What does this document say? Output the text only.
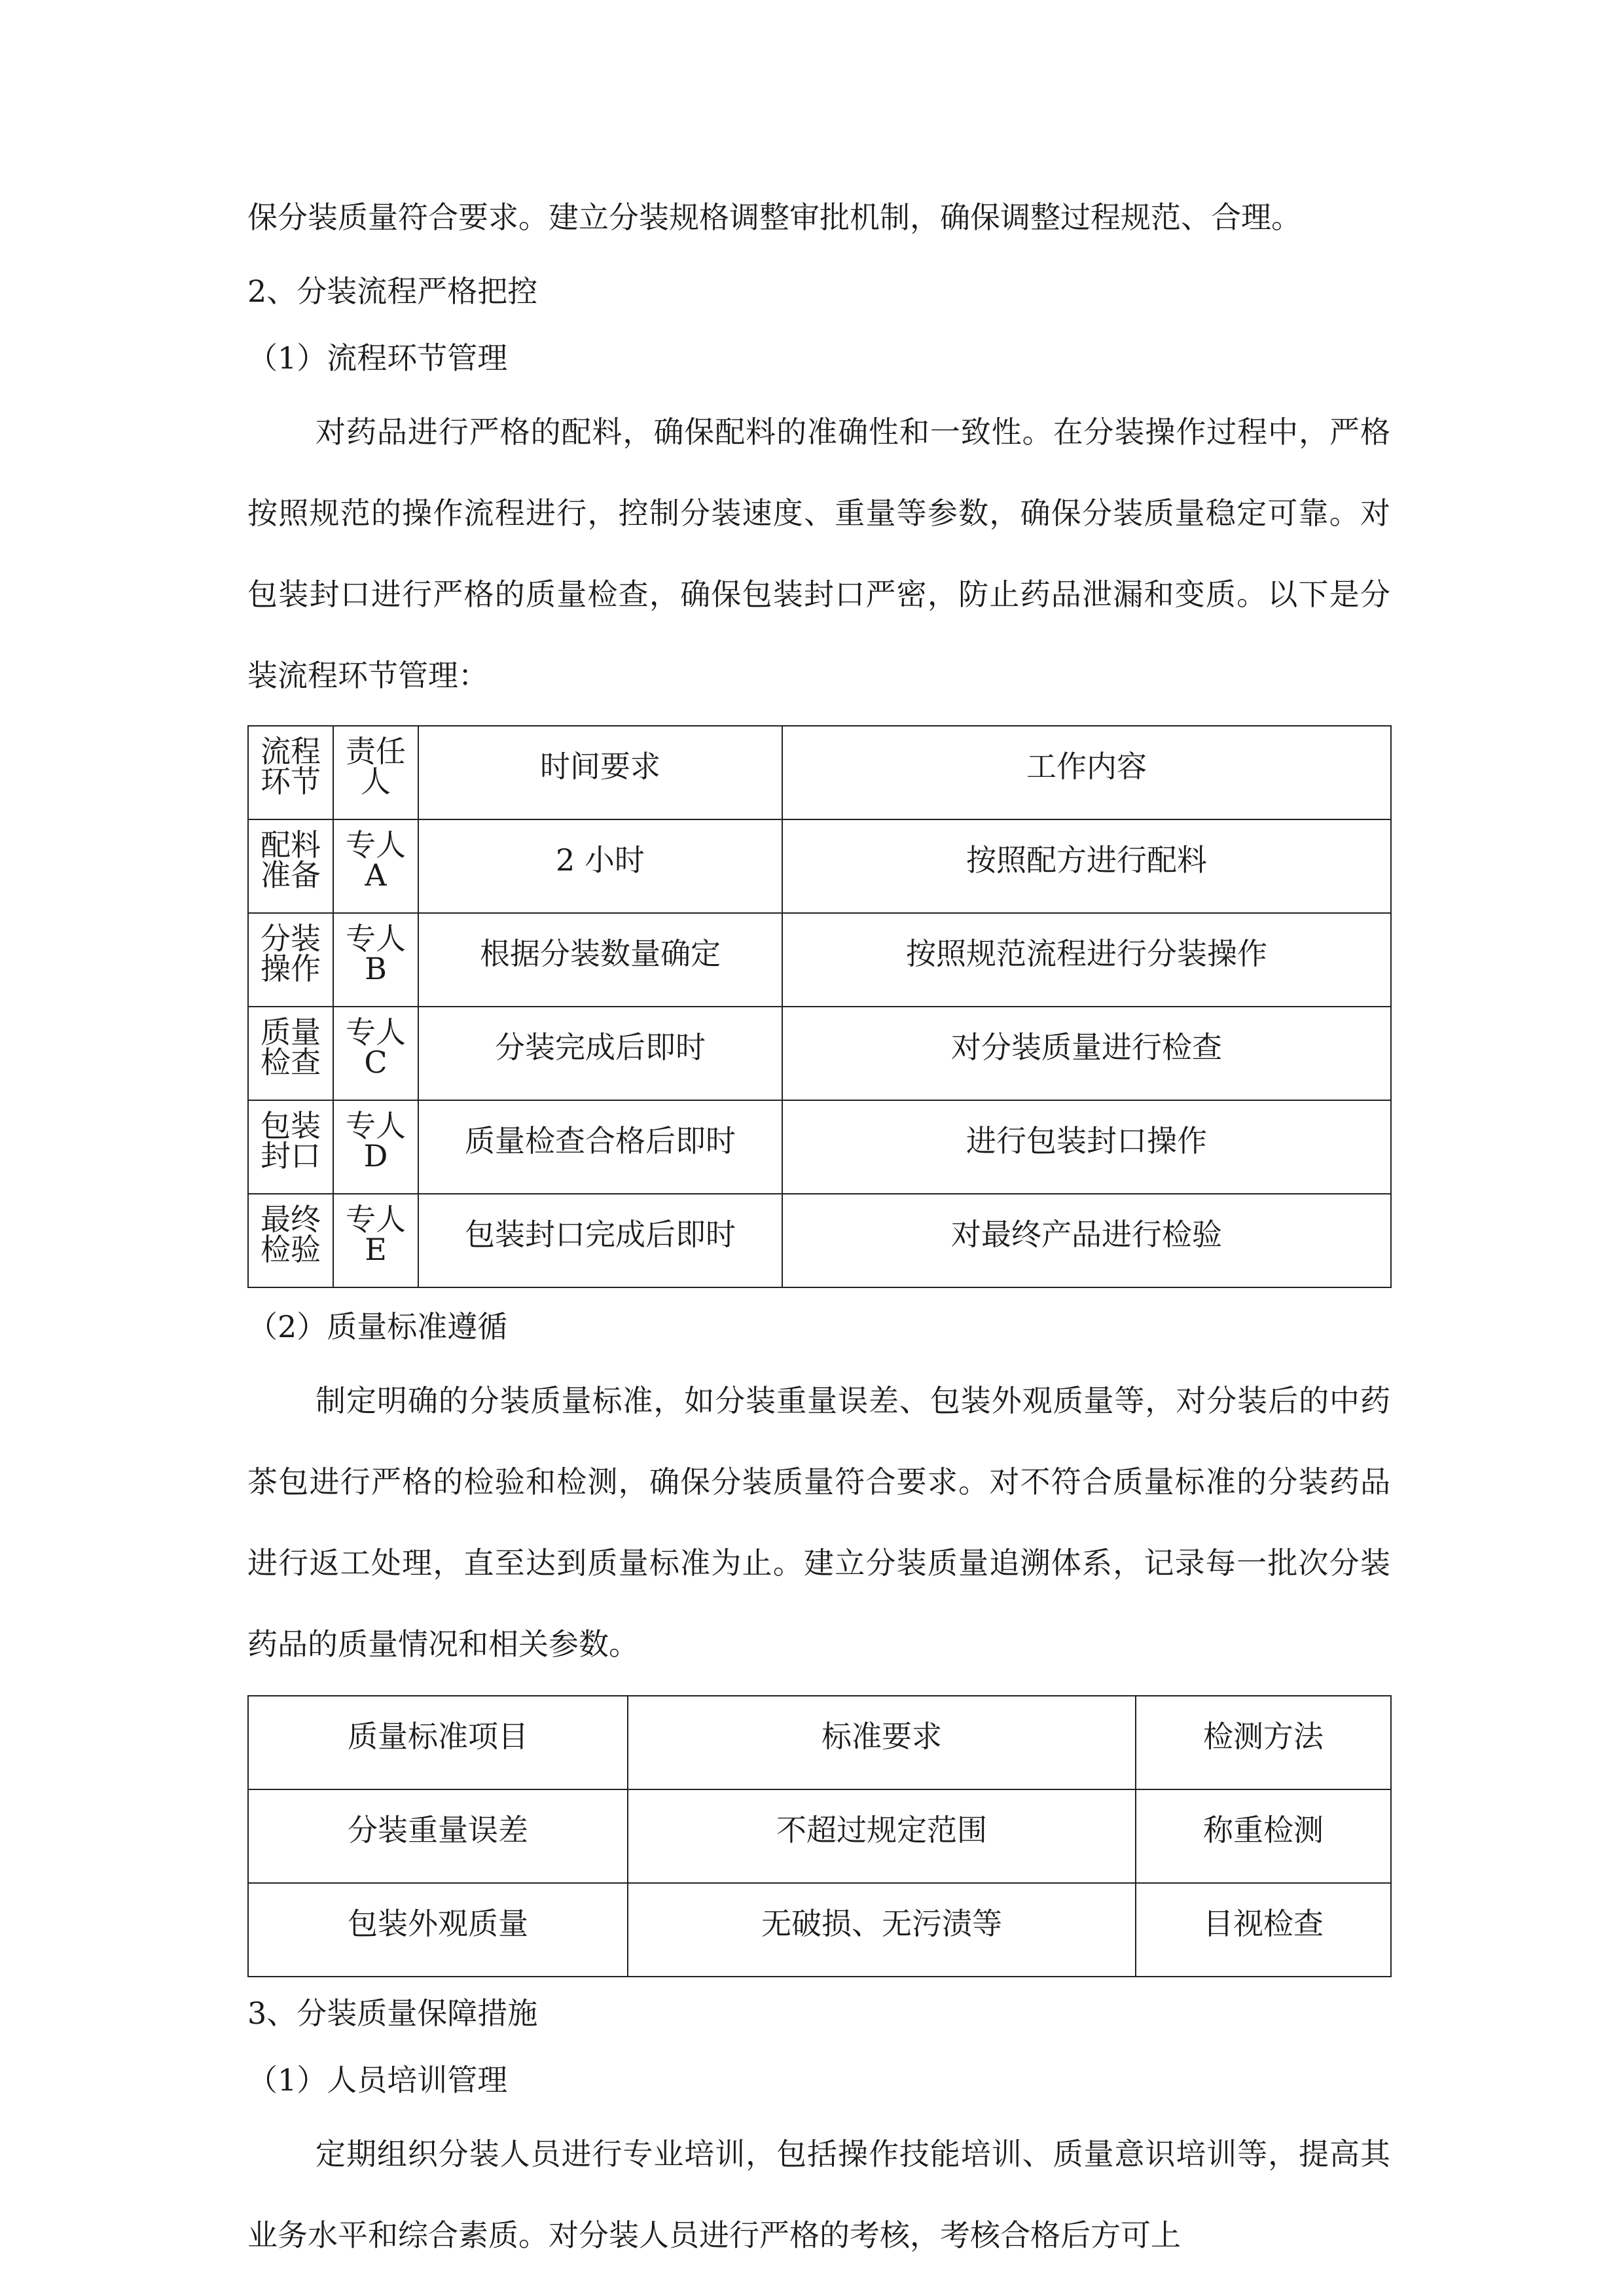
保分装质量符合要求。建立分装规格调整审批机制，确保调整过程规范、合理。

2、分装流程严格把控

（1）流程环节管理

对药品进行严格的配料，确保配料的准确性和一致性。在分装操作过程中，严格按照规范的操作流程进行，控制分装速度、重量等参数，确保分装质量稳定可靠。对包装封口进行严格的质量检查，确保包装封口严密，防止药品泄漏和变质。以下是分装流程环节管理：

流程环节	责任人	时间要求	工作内容
配料准备	专人 A	2 小时	按照配方进行配料
分装操作	专人 B	根据分装数量确定	按照规范流程进行分装操作
质量检查	专人 C	分装完成后即时	对分装质量进行检查
包装封口	专人 D	质量检查合格后即时	进行包装封口操作
最终检验	专人 E	包装封口完成后即时	对最终产品进行检验

（2）质量标准遵循

制定明确的分装质量标准，如分装重量误差、包装外观质量等，对分装后的中药茶包进行严格的检验和检测，确保分装质量符合要求。对不符合质量标准的分装药品进行返工处理，直至达到质量标准为止。建立分装质量追溯体系，记录每一批次分装药品的质量情况和相关参数。

质量标准项目	标准要求	检测方法
分装重量误差	不超过规定范围	称重检测
包装外观质量	无破损、无污渍等	目视检查

3、分装质量保障措施

（1）人员培训管理

定期组织分装人员进行专业培训，包括操作技能培训、质量意识培训等，提高其业务水平和综合素质。对分装人员进行严格的考核，考核合格后方可上
